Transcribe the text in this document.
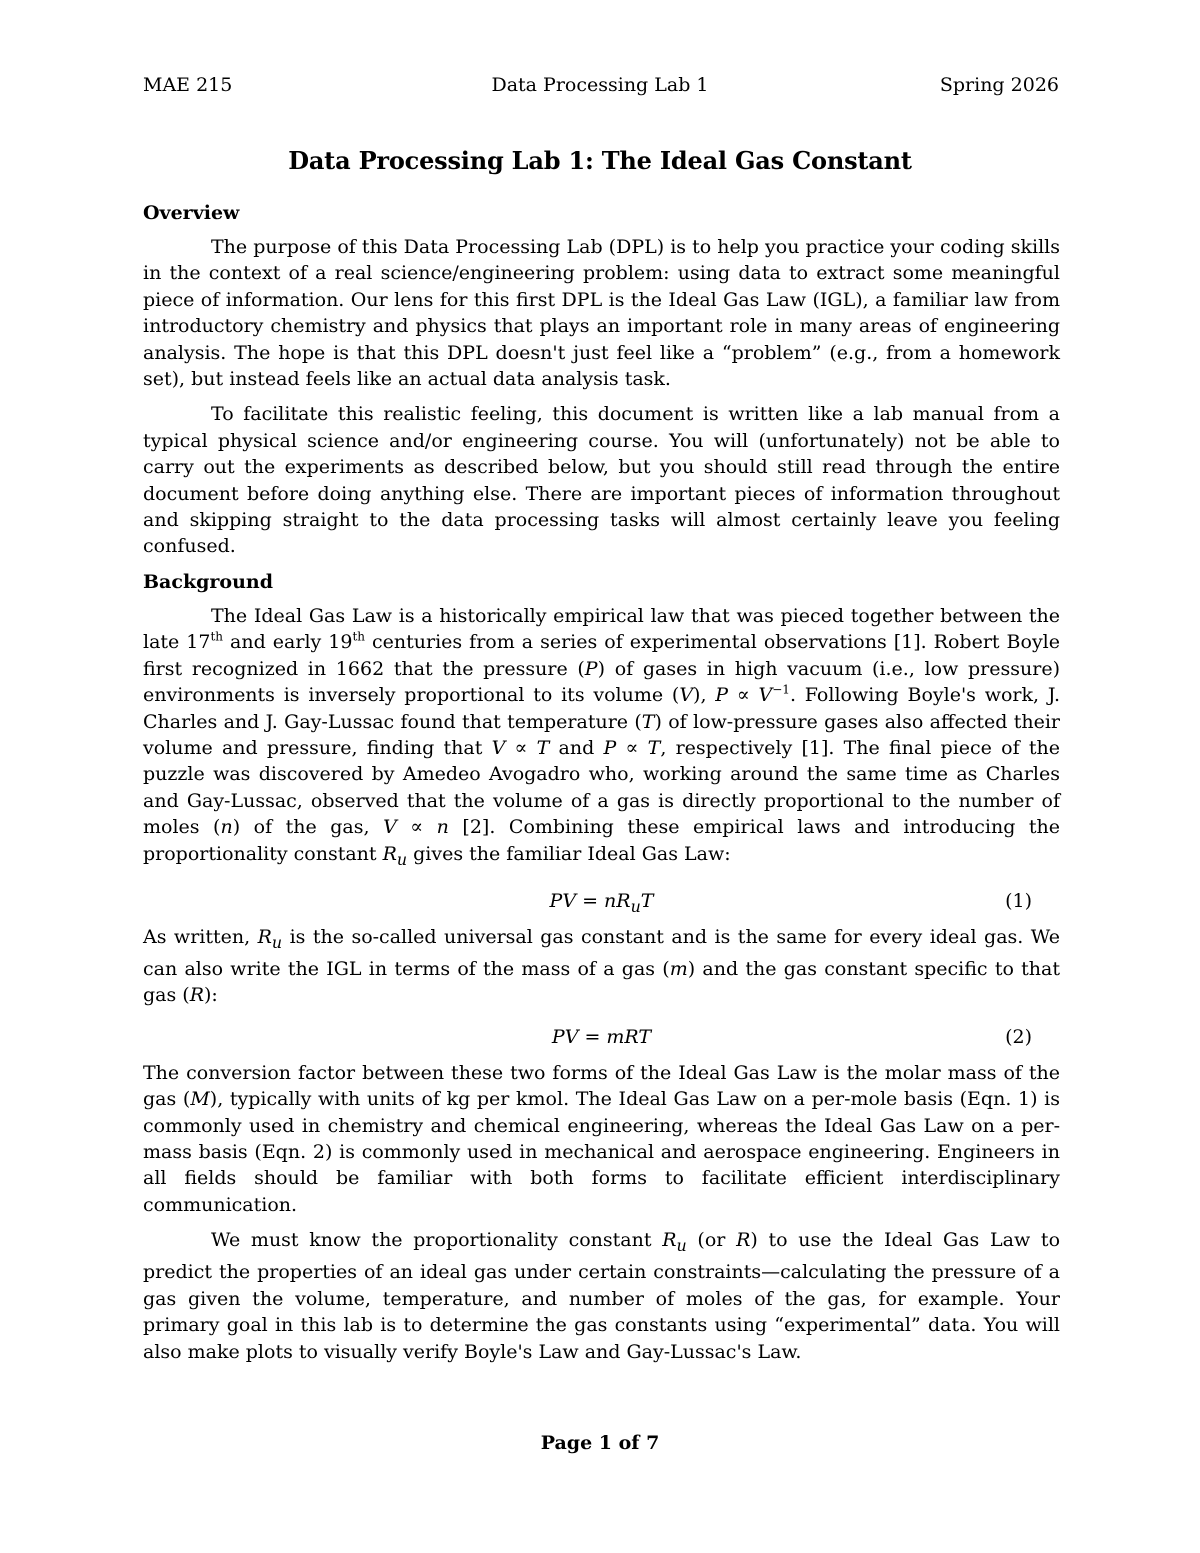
MAE 215	Data Processing Lab 1	Spring 2026
Data Processing Lab 1: The Ideal Gas Constant
Overview

The purpose of this Data Processing Lab (DPL) is to help you practice your coding skills in the context of a real science/engineering problem: using data to extract some meaningful piece of information. Our lens for this first DPL is the Ideal Gas Law (IGL), a familiar law from introductory chemistry and physics that plays an important role in many areas of engineering analysis. The hope is that this DPL doesn't just feel like a “problem” (e.g., from a homework set), but instead feels like an actual data analysis task.

To facilitate this realistic feeling, this document is written like a lab manual from a typical physical science and/or engineering course. You will (unfortunately) not be able to carry out the experiments as described below, but you should still read through the entire document before doing anything else. There are important pieces of information throughout and skipping straight to the data processing tasks will almost certainly leave you feeling confused.

Background

The Ideal Gas Law is a historically empirical law that was pieced together between the late 17th and early 19th centuries from a series of experimental observations [1]. Robert Boyle first recognized in 1662 that the pressure (P) of gases in high vacuum (i.e., low pressure) environments is inversely proportional to its volume (V), $P \propto V^{-1}$. Following Boyle's work, J. Charles and J. Gay-Lussac found that temperature (T) of low-pressure gases also affected their volume and pressure, finding that V ∝ T and P ∝ T, respectively [1]. The final piece of the puzzle was discovered by Amedeo Avogadro who, working around the same time as Charles and Gay-Lussac, observed that the volume of a gas is directly proportional to the number of moles (n) of the gas, V ∝ n [2]. Combining these empirical laws and introducing the proportionality constant $R_u$ gives the familiar Ideal Gas Law:

PV = $nR_uT$	(1)

As written, $R_u$ is the so-called universal gas constant and is the same for every ideal gas. We can also write the IGL in terms of the mass of a gas (m) and the gas constant specific to that gas (R):

PV = mRT	(2)

The conversion factor between these two forms of the Ideal Gas Law is the molar mass of the gas (M), typically with units of kg per kmol. The Ideal Gas Law on a per-mole basis (Eqn. 1) is commonly used in chemistry and chemical engineering, whereas the Ideal Gas Law on a per-mass basis (Eqn. 2) is commonly used in mechanical and aerospace engineering. Engineers in all fields should be familiar with both forms to facilitate efficient interdisciplinary communication.

We must know the proportionality constant $R_u$ (or R) to use the Ideal Gas Law to predict the properties of an ideal gas under certain constraints—calculating the pressure of a gas given the volume, temperature, and number of moles of the gas, for example. Your primary goal in this lab is to determine the gas constants using “experimental” data. You will also make plots to visually verify Boyle's Law and Gay-Lussac's Law.

Page 1 of 7
